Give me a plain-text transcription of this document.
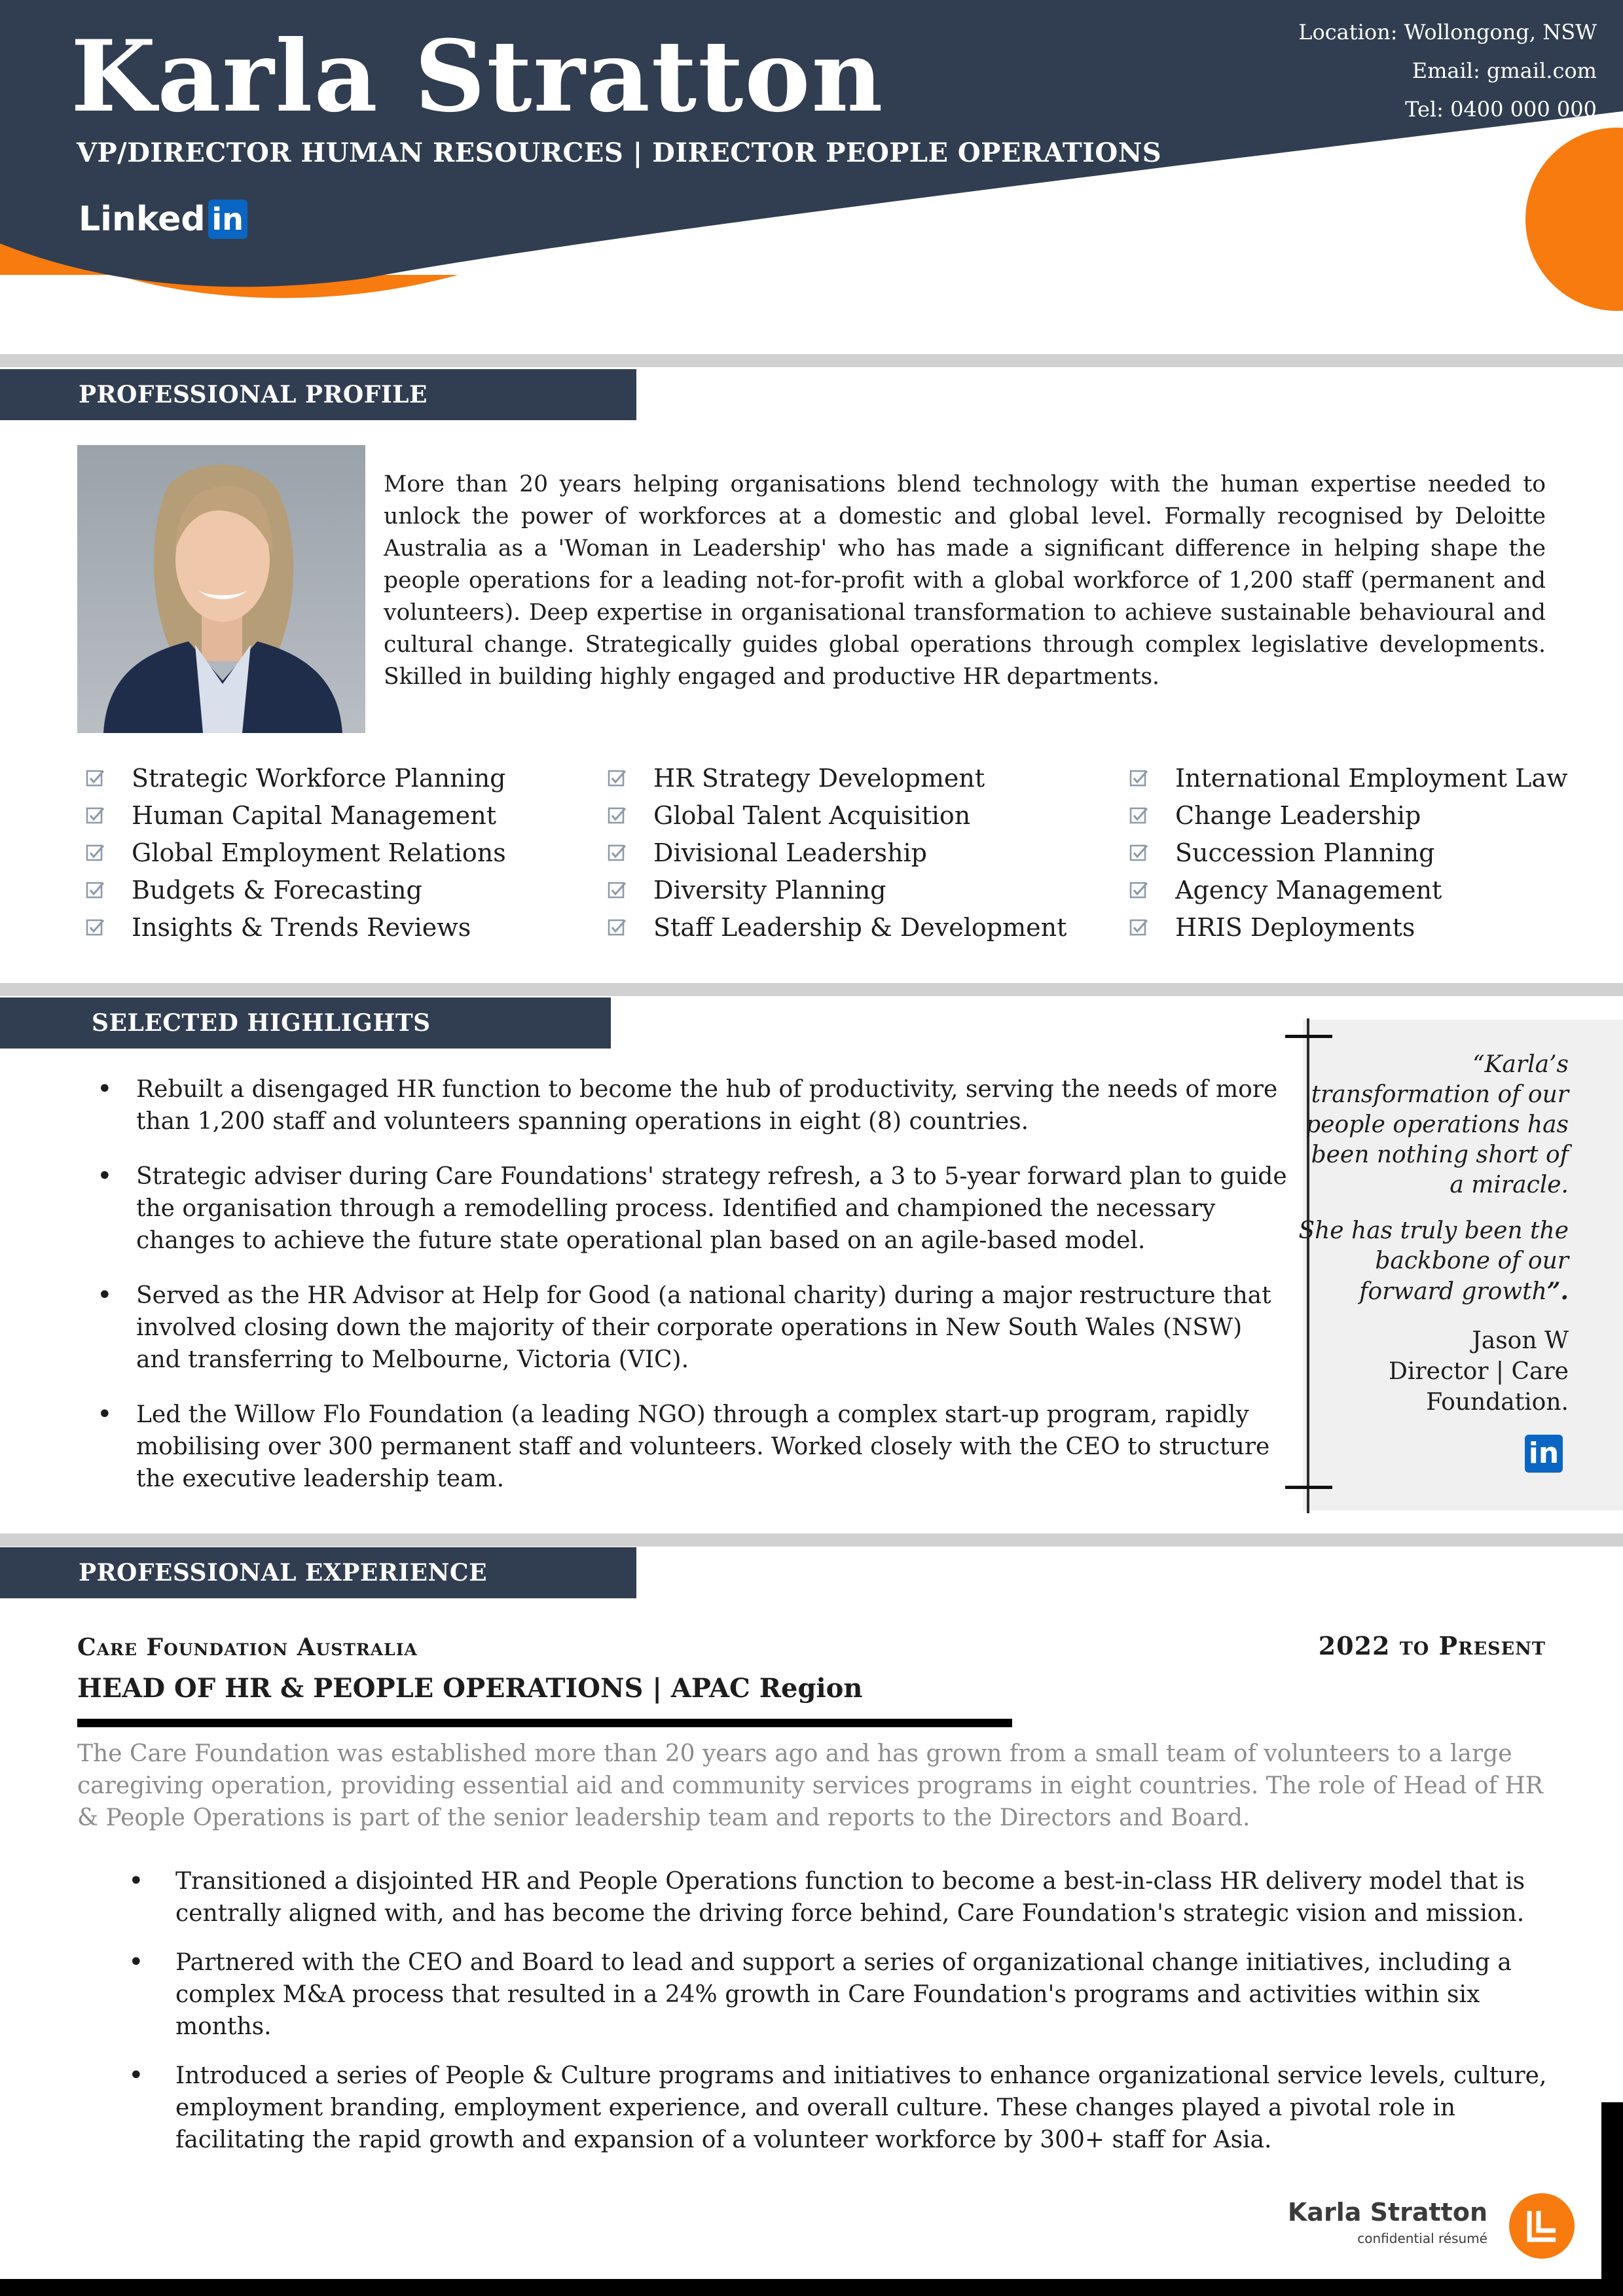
Karla Stratton
VP/DIRECTOR HUMAN RESOURCES | DIRECTOR PEOPLE OPERATIONS
Linked in
Location: Wollongong, NSW
Email: gmail.com
Tel: 0400 000 000
PROFESSIONAL PROFILE
More than 20 years helping organisations blend technology with the human expertise needed to unlock the power of workforces at a domestic and global level. Formally recognised by Deloitte Australia as a 'Woman in Leadership' who has made a significant difference in helping shape the people operations for a leading not-for-profit with a global workforce of 1,200 staff (permanent and volunteers). Deep expertise in organisational transformation to achieve sustainable behavioural and cultural change. Strategically guides global operations through complex legislative developments. Skilled in building highly engaged and productive HR departments.
Strategic Workforce Planning
Human Capital Management
Global Employment Relations
Budgets & Forecasting
Insights & Trends Reviews
HR Strategy Development
Global Talent Acquisition
Divisional Leadership
Diversity Planning
Staff Leadership & Development
International Employment Law
Change Leadership
Succession Planning
Agency Management
HRIS Deployments
SELECTED HIGHLIGHTS
• Rebuilt a disengaged HR function to become the hub of productivity, serving the needs of more than 1,200 staff and volunteers spanning operations in eight (8) countries.
• Strategic adviser during Care Foundations' strategy refresh, a 3 to 5-year forward plan to guide the organisation through a remodelling process. Identified and championed the necessary changes to achieve the future state operational plan based on an agile-based model.
• Served as the HR Advisor at Help for Good (a national charity) during a major restructure that involved closing down the majority of their corporate operations in New South Wales (NSW) and transferring to Melbourne, Victoria (VIC).
• Led the Willow Flo Foundation (a leading NGO) through a complex start-up program, rapidly mobilising over 300 permanent staff and volunteers. Worked closely with the CEO to structure the executive leadership team.

“Karla’s transformation of our people operations has been nothing short of a miracle.

She has truly been the backbone of our forward growth”.

Jason W
Director | Care Foundation.
in
PROFESSIONAL EXPERIENCE
Care Foundation Australia	2022 to Present
HEAD OF HR & PEOPLE OPERATIONS | APAC Region
The Care Foundation was established more than 20 years ago and has grown from a small team of volunteers to a large caregiving operation, providing essential aid and community services programs in eight countries. The role of Head of HR & People Operations is part of the senior leadership team and reports to the Directors and Board.
• Transitioned a disjointed HR and People Operations function to become a best-in-class HR delivery model that is centrally aligned with, and has become the driving force behind, Care Foundation's strategic vision and mission.
• Partnered with the CEO and Board to lead and support a series of organizational change initiatives, including a complex M&A process that resulted in a 24% growth in Care Foundation's programs and activities within six months.
• Introduced a series of People & Culture programs and initiatives to enhance organizational service levels, culture, employment branding, employment experience, and overall culture. These changes played a pivotal role in facilitating the rapid growth and expansion of a volunteer workforce by 300+ staff for Asia.
Karla Stratton
confidential résumé
